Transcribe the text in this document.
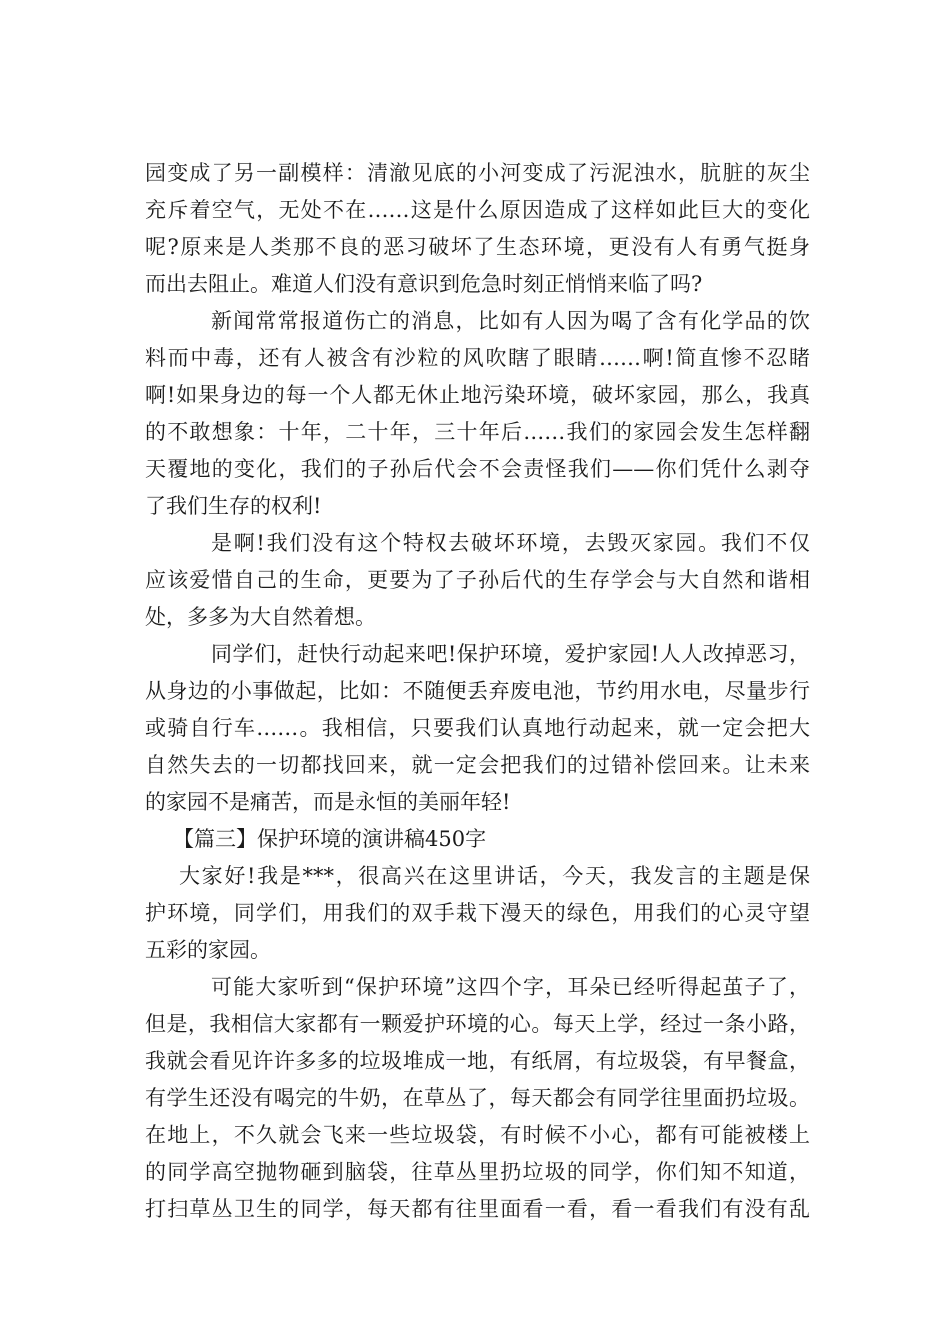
园变成了另一副模样：清澈见底的小河变成了污泥浊水，肮脏的灰尘

充斥着空气，无处不在……这是什么原因造成了这样如此巨大的变化

呢?原来是人类那不良的恶习破坏了生态环境，更没有人有勇气挺身

而出去阻止。难道人们没有意识到危急时刻正悄悄来临了吗?

新闻常常报道伤亡的消息，比如有人因为喝了含有化学品的饮

料而中毒，还有人被含有沙粒的风吹瞎了眼睛……啊!简直惨不忍睹

啊!如果身边的每一个人都无休止地污染环境，破坏家园，那么，我真

的不敢想象：十年，二十年，三十年后……我们的家园会发生怎样翻

天覆地的变化，我们的子孙后代会不会责怪我们——你们凭什么剥夺

了我们生存的权利!

是啊!我们没有这个特权去破坏环境，去毁灭家园。我们不仅

应该爱惜自己的生命，更要为了子孙后代的生存学会与大自然和谐相

处，多多为大自然着想。

同学们，赶快行动起来吧!保护环境，爱护家园!人人改掉恶习，

从身边的小事做起，比如：不随便丢弃废电池，节约用水电，尽量步行

或骑自行车……。我相信，只要我们认真地行动起来，就一定会把大

自然失去的一切都找回来，就一定会把我们的过错补偿回来。让未来

的家园不是痛苦，而是永恒的美丽年轻!

【篇三】保护环境的演讲稿450字

大家好!我是***，很高兴在这里讲话，今天，我发言的主题是保

护环境，同学们，用我们的双手栽下漫天的绿色，用我们的心灵守望

五彩的家园。

可能大家听到“保护环境”这四个字，耳朵已经听得起茧子了，

但是，我相信大家都有一颗爱护环境的心。每天上学，经过一条小路，

我就会看见许许多多的垃圾堆成一地，有纸屑，有垃圾袋，有早餐盒，

有学生还没有喝完的牛奶，在草丛了，每天都会有同学往里面扔垃圾。

在地上，不久就会飞来一些垃圾袋，有时候不小心，都有可能被楼上

的同学高空抛物砸到脑袋，往草丛里扔垃圾的同学，你们知不知道，

打扫草丛卫生的同学，每天都有往里面看一看，看一看我们有没有乱
